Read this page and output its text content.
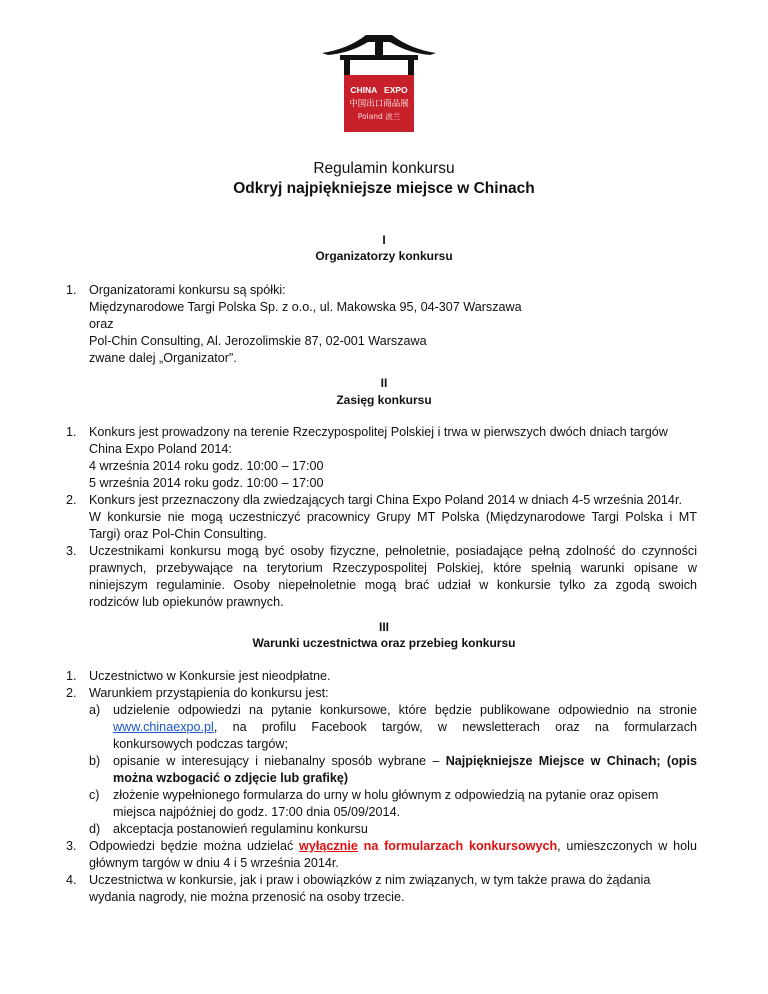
CHINA   EXPO
中国出口商品展
Poland 波兰
Regulamin konkursu
Odkryj najpiękniejsze miejsce w Chinach
I
Organizatorzy konkursu
1. Organizatorami konkursu są spółki:
Międzynarodowe Targi Polska Sp. z o.o., ul. Makowska 95, 04-307 Warszawa
oraz
Pol-Chin Consulting, Al. Jerozolimskie 87, 02-001 Warszawa
zwane dalej „Organizator”.
II
Zasięg konkursu
1. Konkurs jest prowadzony na terenie Rzeczypospolitej Polskiej i trwa w pierwszych dwóch dniach targów
China Expo Poland 2014:
4 września 2014 roku godz. 10:00 – 17:00
5 września 2014 roku godz. 10:00 – 17:00
2. Konkurs jest przeznaczony dla zwiedzających targi China Expo Poland 2014 w dniach 4-5 września 2014r.
W konkursie nie mogą uczestniczyć pracownicy Grupy MT Polska (Międzynarodowe Targi Polska i MT
Targi) oraz Pol-Chin Consulting.
3. Uczestnikami konkursu mogą być osoby fizyczne, pełnoletnie, posiadające pełną zdolność do czynności
prawnych, przebywające na terytorium Rzeczypospolitej Polskiej, które spełnią warunki opisane w
niniejszym regulaminie. Osoby niepełnoletnie mogą brać udział w konkursie tylko za zgodą swoich
rodziców lub opiekunów prawnych.
III
Warunki uczestnictwa oraz przebieg konkursu
1. Uczestnictwo w Konkursie jest nieodpłatne.
2. Warunkiem przystąpienia do konkursu jest:
a) udzielenie odpowiedzi na pytanie konkursowe, które będzie publikowane odpowiednio na stronie
www.chinaexpo.pl, na profilu Facebook targów, w newsletterach oraz na formularzach
konkursowych podczas targów;
b) opisanie w interesujący i niebanalny sposób wybrane – Najpiękniejsze Miejsce w Chinach; (opis
można wzbogacić o zdjęcie lub grafikę)
c) złożenie wypełnionego formularza do urny w holu głównym z odpowiedzią na pytanie oraz opisem
miejsca najpóźniej do godz. 17:00 dnia 05/09/2014.
d) akceptacja postanowień regulaminu konkursu
3. Odpowiedzi będzie można udzielać wyłącznie na formularzach konkursowych, umieszczonych w holu
głównym targów w dniu 4 i 5 września 2014r.
4. Uczestnictwa w konkursie, jak i praw i obowiązków z nim związanych, w tym także prawa do żądania
wydania nagrody, nie można przenosić na osoby trzecie.
